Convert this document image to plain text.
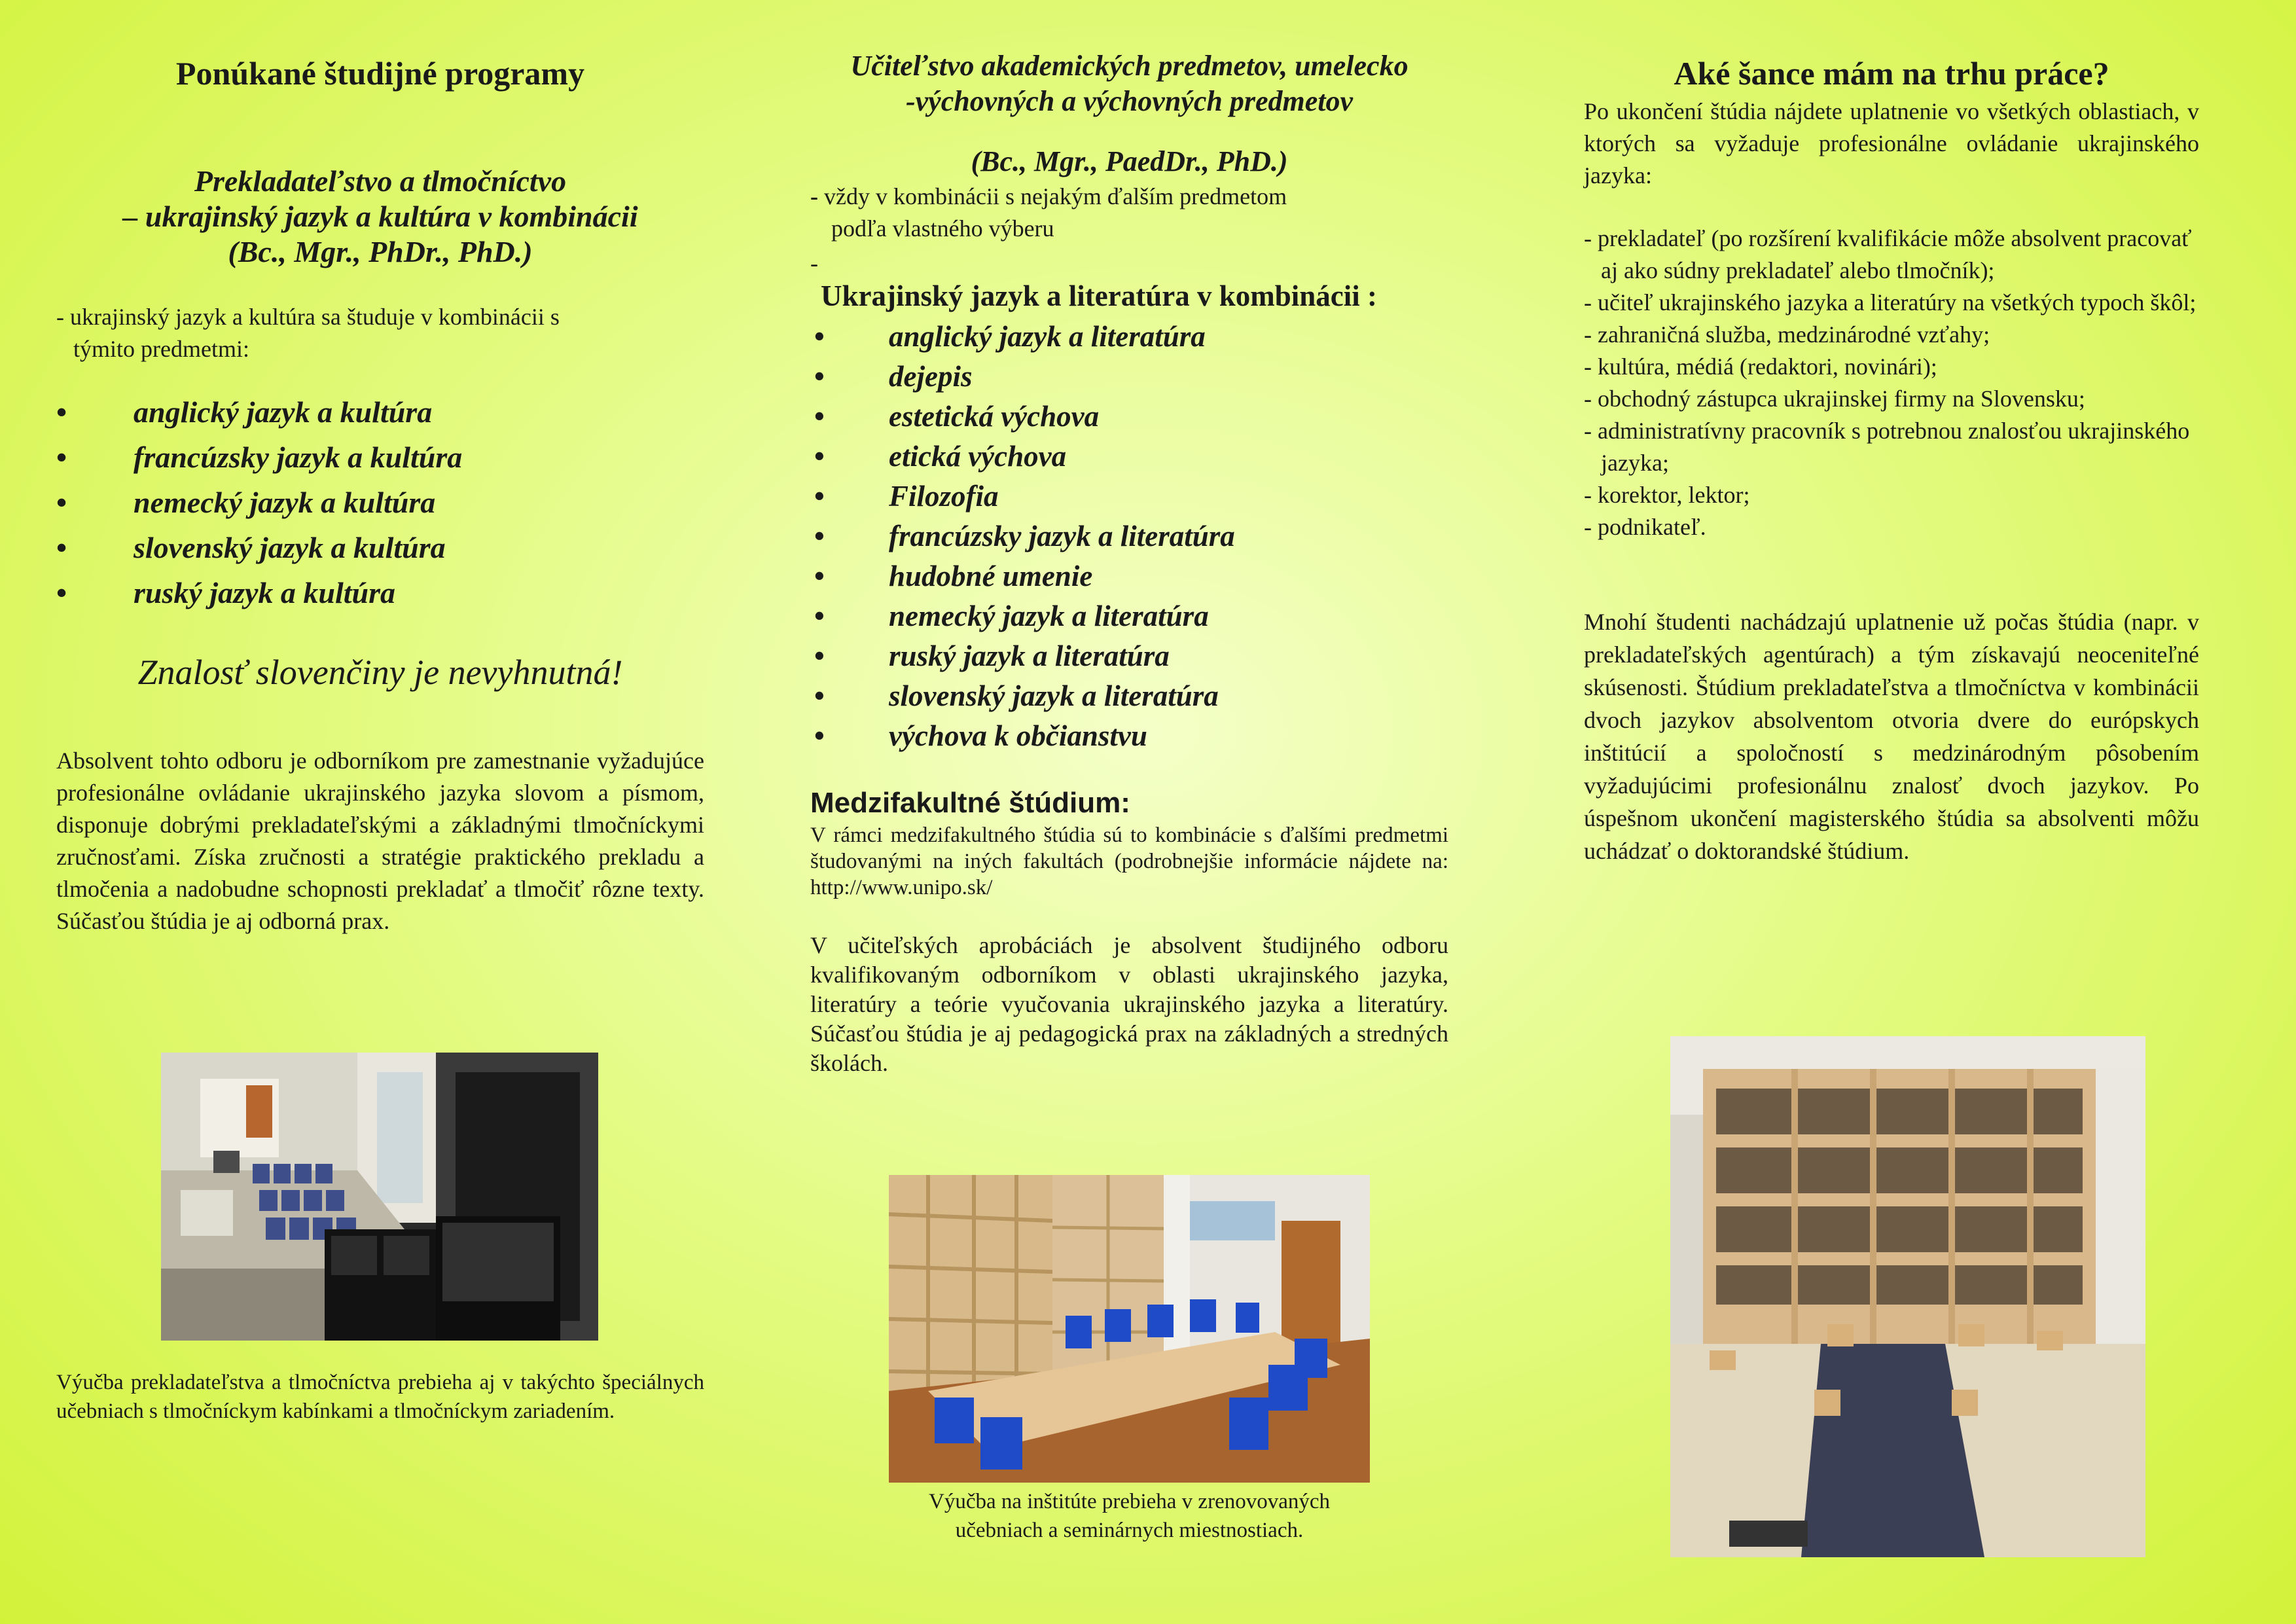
Ponúkané študijné programy
Prekladateľstvo a tlmočníctvo
– ukrajinský jazyk a kultúra v kombinácii
(Bc., Mgr., PhDr., PhD.)
- ukrajinský jazyk a kultúra sa študuje v kombinácii s
týmito predmetmi:
• anglický jazyk a kultúra
• francúzsky jazyk a kultúra
• nemecký jazyk a kultúra
• slovenský jazyk a kultúra
• ruský jazyk a kultúra
Znalosť slovenčiny je nevyhnutná!
Absolvent tohto odboru je odborníkom pre zamestnanie vyžadujúce profesionálne ovládanie ukrajinského jazyka slovom a písmom, disponuje dobrými prekladateľskými a základnými tlmočníckymi zručnosťami. Získa zručnosti a stratégie praktického prekladu a tlmočenia a nadobudne schopnosti prekladať a tlmočiť rôzne texty. Súčasťou štúdia je aj odborná prax.
Výučba prekladateľstva a tlmočníctva prebieha aj v takýchto špeciálnych učebniach s tlmočníckym kabínkami a tlmočníckym zariadením.
Učiteľstvo akademických predmetov, umelecko
-výchovných a výchovných predmetov
(Bc., Mgr., PaedDr., PhD.)
- vždy v kombinácii s nejakým ďalším predmetom
podľa vlastného výberu
-
Ukrajinský jazyk a literatúra v kombinácii :
• anglický jazyk a literatúra
• dejepis
• estetická výchova
• etická výchova
• Filozofia
• francúzsky jazyk a literatúra
• hudobné umenie
• nemecký jazyk a literatúra
• ruský jazyk a literatúra
• slovenský jazyk a literatúra
• výchova k občianstvu
Medzifakultné štúdium:
V rámci medzifakultného štúdia sú to kombinácie s ďalšími predmetmi študovanými na iných fakultách (podrobnejšie informácie nájdete na: http://www.unipo.sk/
V učiteľských aprobáciách je absolvent študijného odboru kvalifikovaným odborníkom v oblasti ukrajinského jazyka, literatúry a teórie vyučovania ukrajinského jazyka a literatúry. Súčasťou štúdia je aj pedagogická prax na základných a stredných školách.
Výučba na inštitúte prebieha v zrenovovaných
učebniach a seminárnych miestnostiach.
Aké šance mám na trhu práce?
Po ukončení štúdia nájdete uplatnenie vo všetkých oblastiach, v ktorých sa vyžaduje profesionálne ovládanie ukrajinského jazyka:
- prekladateľ (po rozšírení kvalifikácie môže absolvent pracovať aj ako súdny prekladateľ alebo tlmočník);
- učiteľ ukrajinského jazyka a literatúry na všetkých typoch škôl;
- zahraničná služba, medzinárodné vzťahy;
- kultúra, médiá (redaktori, novinári);
- obchodný zástupca ukrajinskej firmy na Slovensku;
- administratívny pracovník s potrebnou znalosťou ukrajinského jazyka;
- korektor, lektor;
- podnikateľ.
Mnohí študenti nachádzajú uplatnenie už počas štúdia (napr. v prekladateľských agentúrach) a tým získavajú neoceniteľné skúsenosti. Štúdium prekladateľstva a tlmočníctva v kombinácii dvoch jazykov absolventom otvoria dvere do európskych inštitúcií a spoločností s medzinárodným pôsobením vyžadujúcimi profesionálnu znalosť dvoch jazykov. Po úspešnom ukončení magisterského štúdia sa absolventi môžu uchádzať o doktorandské štúdium.
